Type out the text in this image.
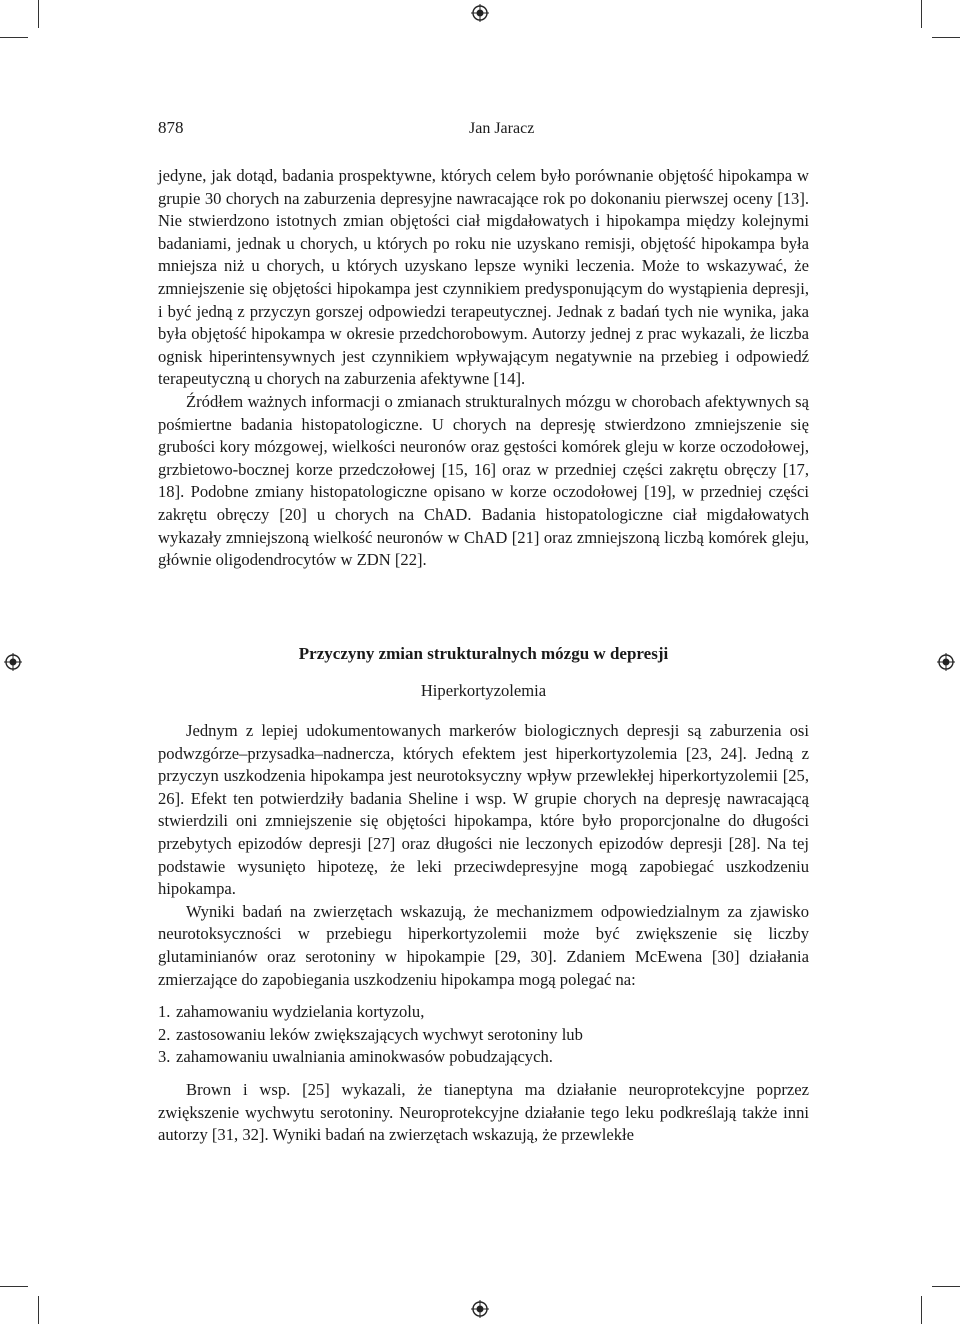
878	Jan Jaracz

jedyne, jak dotąd, badania prospektywne, których celem było porównanie objętość hipokampa w grupie 30 chorych na zaburzenia depresyjne nawracające rok po dokonaniu pierwszej oceny [13]. Nie stwierdzono istotnych zmian objętości ciał migdałowatych i hipokampa między kolejnymi badaniami, jednak u chorych, u których po roku nie uzyskano remisji, objętość hipokampa była mniejsza niż u chorych, u których uzyskano lepsze wyniki leczenia. Może to wskazywać, że zmniejszenie się objętości hipokampa jest czynnikiem predysponującym do wystąpienia depresji, i być jedną z przyczyn gorszej odpowiedzi terapeutycznej. Jednak z badań tych nie wynika, jaka była objętość hipokampa w okresie przedchorobowym. Autorzy jednej z prac wykazali, że liczba ognisk hiperintensywnych jest czynnikiem wpływającym negatywnie na przebieg i odpowiedź terapeutyczną u chorych na zaburzenia afektywne [14].

Źródłem ważnych informacji o zmianach strukturalnych mózgu w chorobach afektywnych są pośmiertne badania histopatologiczne. U chorych na depresję stwierdzono zmniejszenie się grubości kory mózgowej, wielkości neuronów oraz gęstości komórek gleju w korze oczodołowej, grzbietowo-bocznej korze przedczołowej [15, 16] oraz w przedniej części zakrętu obręczy [17, 18]. Podobne zmiany histopatologiczne opisano w korze oczodołowej [19], w przedniej części zakrętu obręczy [20] u chorych na ChAD. Badania histopatologiczne ciał migdałowatych wykazały zmniejszoną wielkość neuronów w ChAD [21] oraz zmniejszoną liczbą komórek gleju, głównie oligodendrocytów w ZDN [22].

Przyczyny zmian strukturalnych mózgu w depresji
Hiperkortyzolemia

Jednym z lepiej udokumentowanych markerów biologicznych depresji są zaburzenia osi podwzgórze–przysadka–nadnercza, których efektem jest hiperkortyzolemia [23, 24]. Jedną z przyczyn uszkodzenia hipokampa jest neurotoksyczny wpływ przewlekłej hiperkortyzolemii [25, 26]. Efekt ten potwierdziły badania Sheline i wsp. W grupie chorych na depresję nawracającą stwierdzili oni zmniejszenie się objętości hipokampa, które było proporcjonalne do długości przebytych epizodów depresji [27] oraz długości nie leczonych epizodów depresji [28]. Na tej podstawie wysunięto hipotezę, że leki przeciwdepresyjne mogą zapobiegać uszkodzeniu hipokampa.

Wyniki badań na zwierzętach wskazują, że mechanizmem odpowiedzialnym za zjawisko neurotoksyczności w przebiegu hiperkortyzolemii może być zwiększenie się liczby glutaminianów oraz serotoniny w hipokampie [29, 30]. Zdaniem McEwena [30] działania zmierzające do zapobiegania uszkodzeniu hipokampa mogą polegać na:

1. zahamowaniu wydzielania kortyzolu,
2. zastosowaniu leków zwiększających wychwyt serotoniny lub
3. zahamowaniu uwalniania aminokwasów pobudzających.

Brown i wsp. [25] wykazali, że tianeptyna ma działanie neuroprotekcyjne poprzez zwiększenie wychwytu serotoniny. Neuroprotekcyjne działanie tego leku podkreślają także inni autorzy [31, 32]. Wyniki badań na zwierzętach wskazują, że przewlekłe
